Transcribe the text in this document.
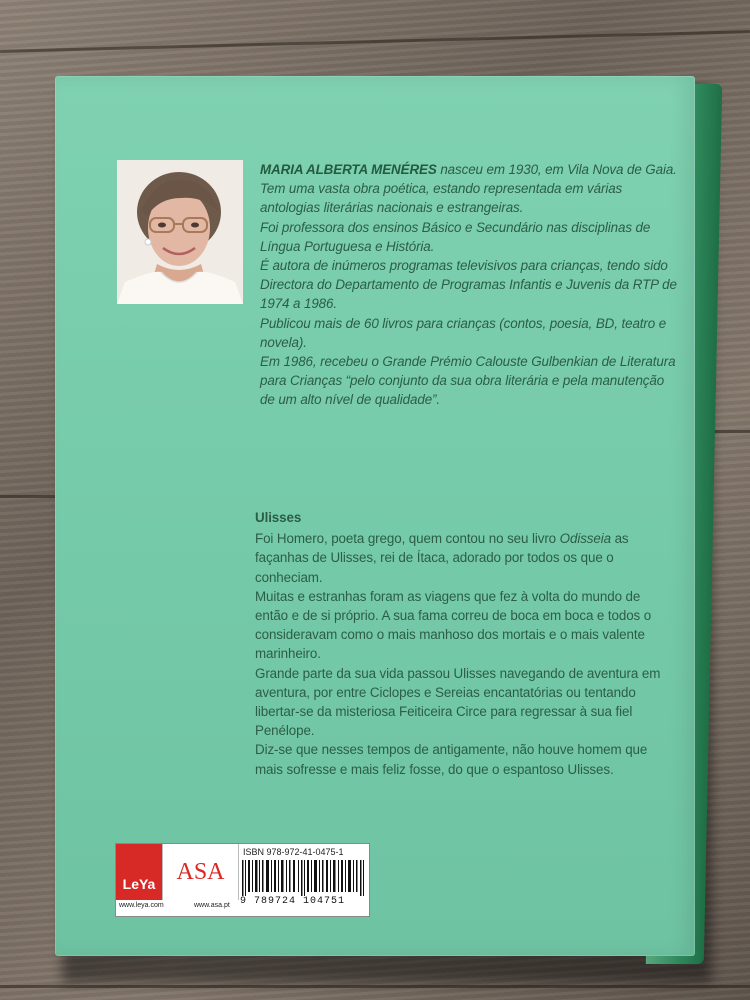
MARIA ALBERTA MENÉRES nasceu em 1930, em Vila Nova de Gaia.

Tem uma vasta obra poética, estando representada em várias antologias literárias nacionais e estrangeiras.

Foi professora dos ensinos Básico e Secundário nas disciplinas de Língua Portuguesa e História.

É autora de inúmeros programas televisivos para crianças, tendo sido Directora do Departamento de Programas Infantis e Juvenis da RTP de 1974 a 1986.

Publicou mais de 60 livros para crianças (contos, poesia, BD, teatro e novela).

Em 1986, recebeu o Grande Prémio Calouste Gulbenkian de Literatura para Crianças “pelo conjunto da sua obra literária e pela manutenção de um alto nível de qualidade”.

Ulisses

Foi Homero, poeta grego, quem contou no seu livro Odisseia as façanhas de Ulisses, rei de Ítaca, adorado por todos os que o conheciam.

Muitas e estranhas foram as viagens que fez à volta do mundo de então e de si próprio. A sua fama correu de boca em boca e todos o consideravam como o mais manhoso dos mortais e o mais valente marinheiro.

Grande parte da sua vida passou Ulisses navegando de aventura em aventura, por entre Ciclopes e Sereias encantatórias ou tentando libertar-se da misteriosa Feiticeira Circe para regressar à sua fiel Penélope.

Diz-se que nesses tempos de antigamente, não houve homem que mais sofresse e mais feliz fosse, do que o espantoso Ulisses.

LeYa
www.leya.com
ASA
www.asa.pt
ISBN 978-972-41-0475-1
9 789724 104751
